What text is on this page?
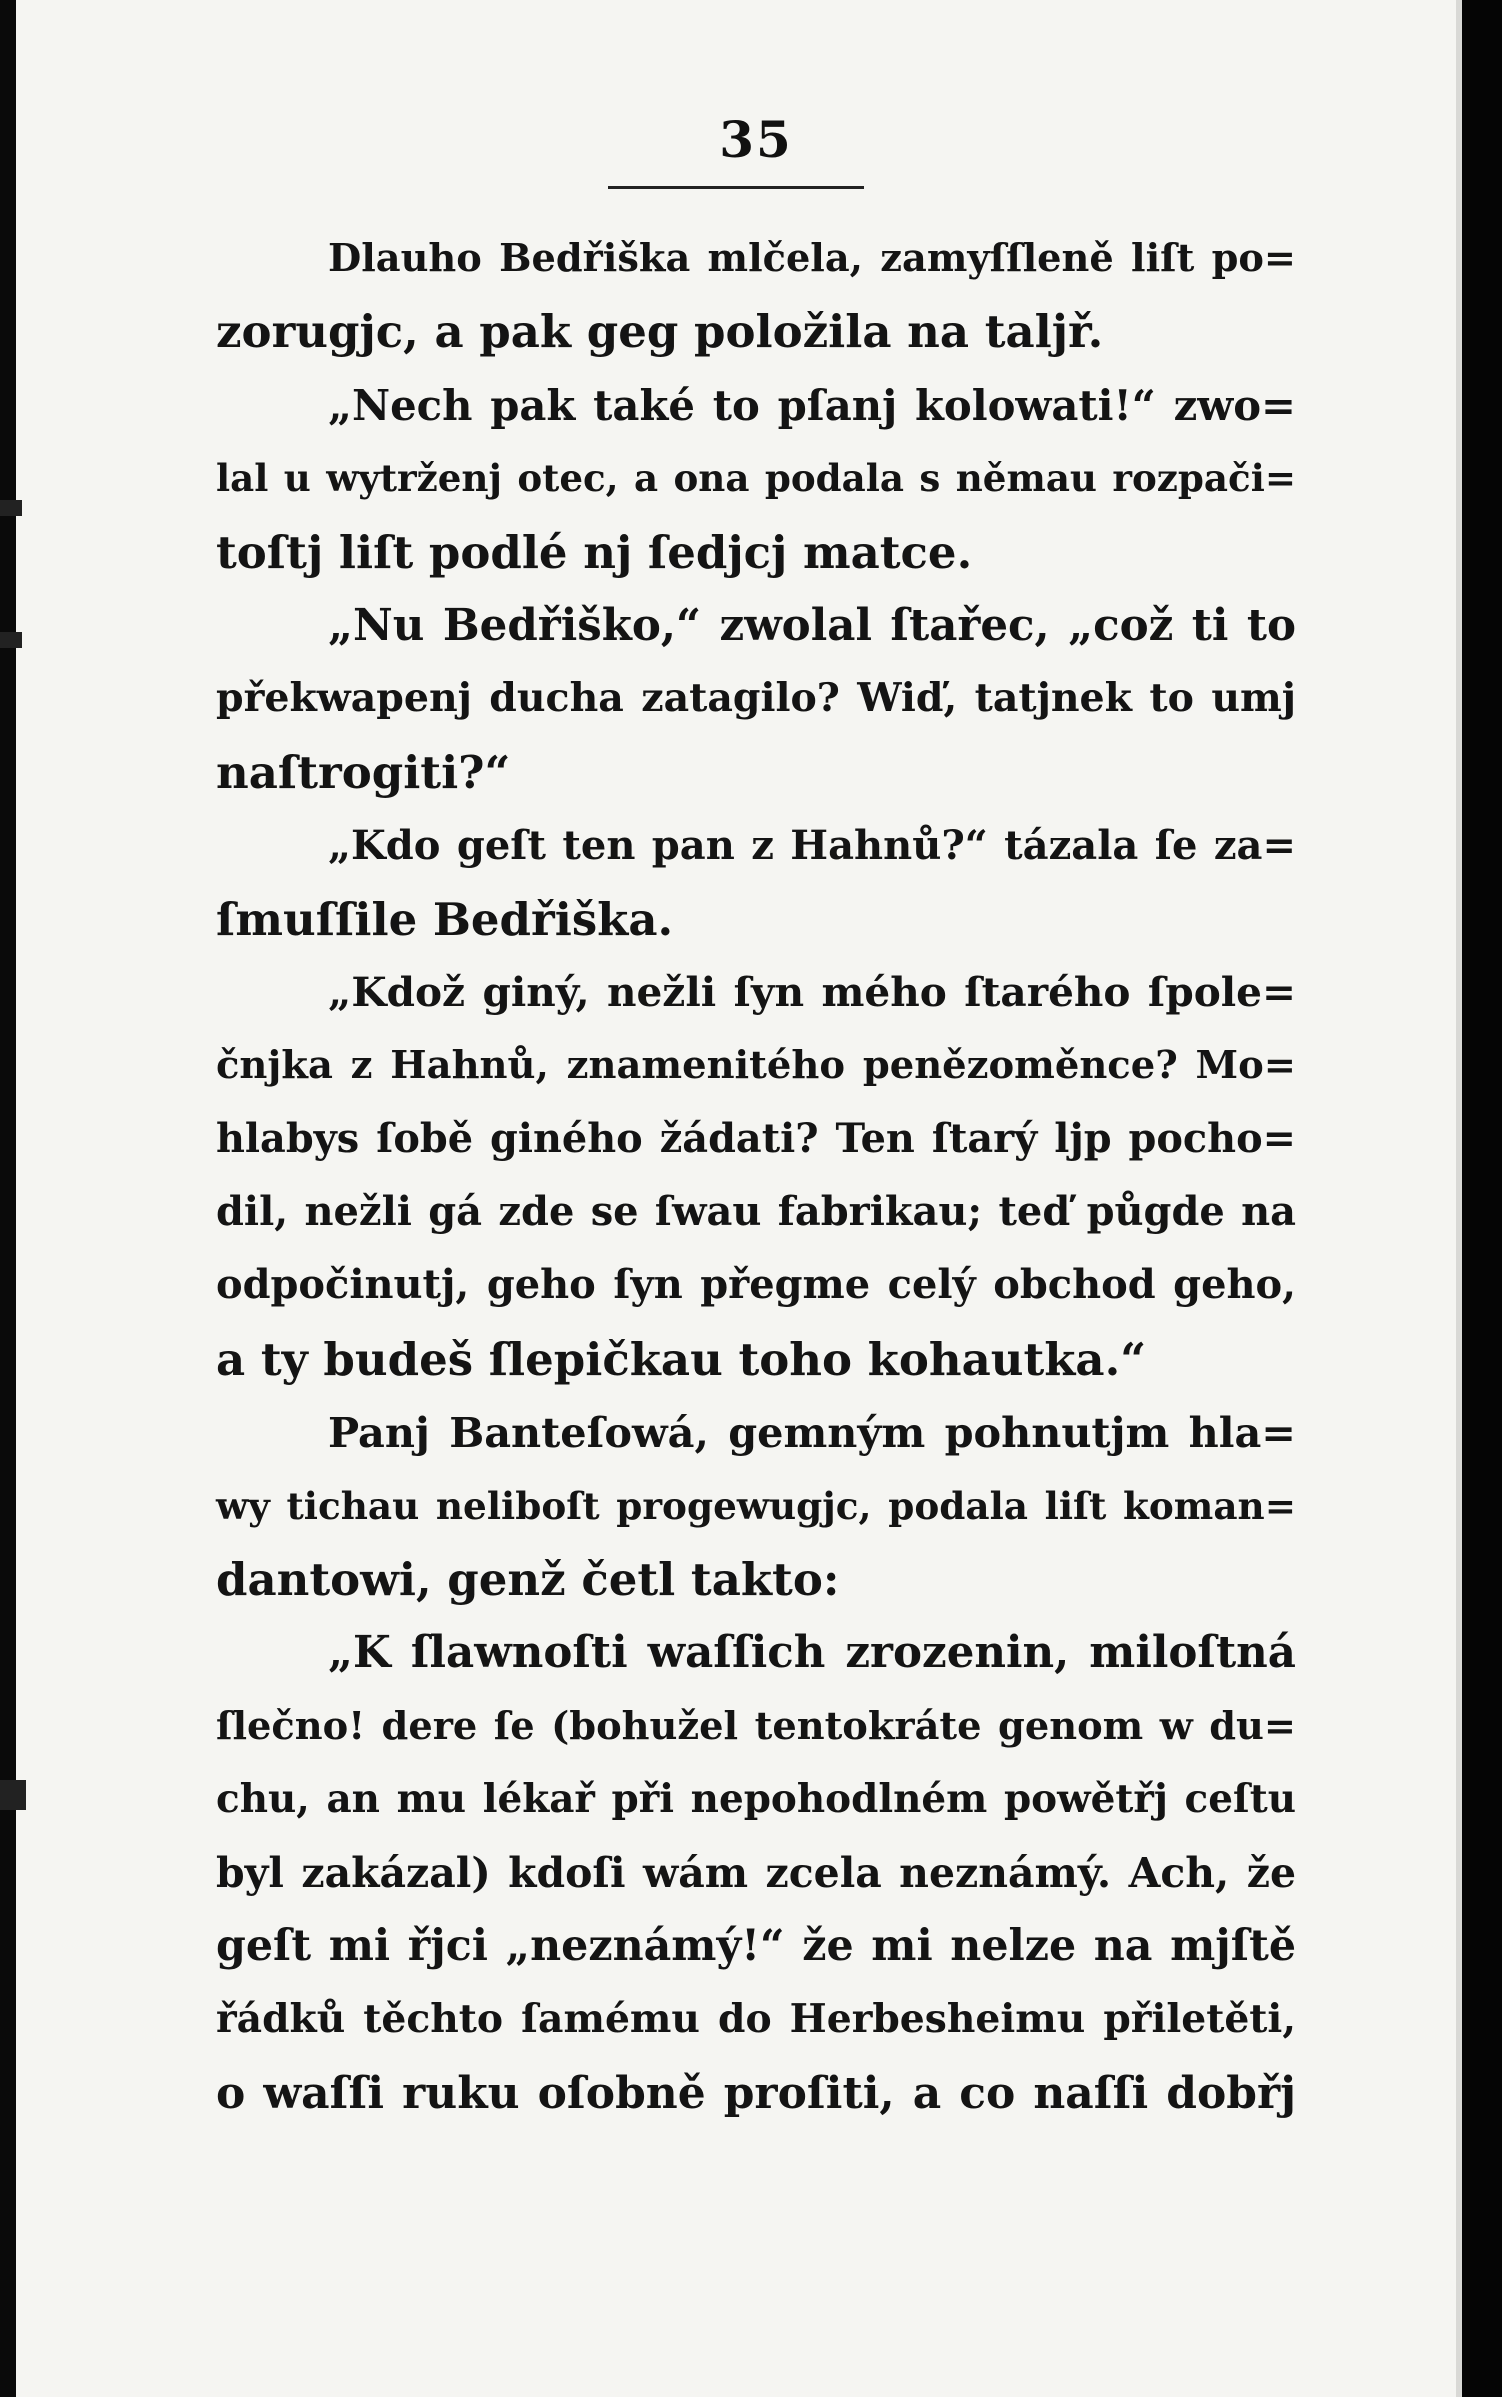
35
Dlauho Bedřiška mlčela, zamyſſleně liſt po=
zorugjc, a pak geg položila na talјř.
„Nech pak také to pſanj kolowati!“ zwo=
lal u wytrženj otec, a ona podala s němau rozpači=
toſtj liſt podlé nj ſedjcj matce.
„Nu Bedřiško,“ zwolal ſtařec, „což ti to
překwapenj ducha zatagilo? Wiď, tatjnek to umj
naſtrogiti?“
„Kdo geſt ten pan z Hahnů?“ tázala ſe za=
ſmuſſile Bedřiška.
„Kdož giný, nežli ſyn mého ſtarého ſpole=
čnjka z Hahnů, znamenitého penězoměnce? Mo=
hlabys ſobě giného žádati? Ten ſtarý ljp pocho=
dil, nežli gá zde se ſwau fabrikau; teď půgde na
odpočinutj, geho ſyn přegme celý obchod geho,
a ty budeš ſlepičkau toho kohautka.“
Panj Banteſowá, gemným pohnutjm hla=
wy tichau neliboſt progewugjc, podala liſt koman=
dantowi, genž četl takto:
„K ſlawnoſti waſſich zrozenin, miloſtná
ſlečno! dere ſe (bohužel tentokráte genom w du=
chu, an mu lékař při nepohodlném powětřj ceſtu
byl zakázal) kdoſi wám zcela neznámý. Ach, že
geſt mi řjci „neznámý!“ že mi nelze na mjſtě
řádků těchto ſamému do Herbesheimu přiletěti,
o waſſi ruku oſobně proſiti, a co naſſi dobřj
